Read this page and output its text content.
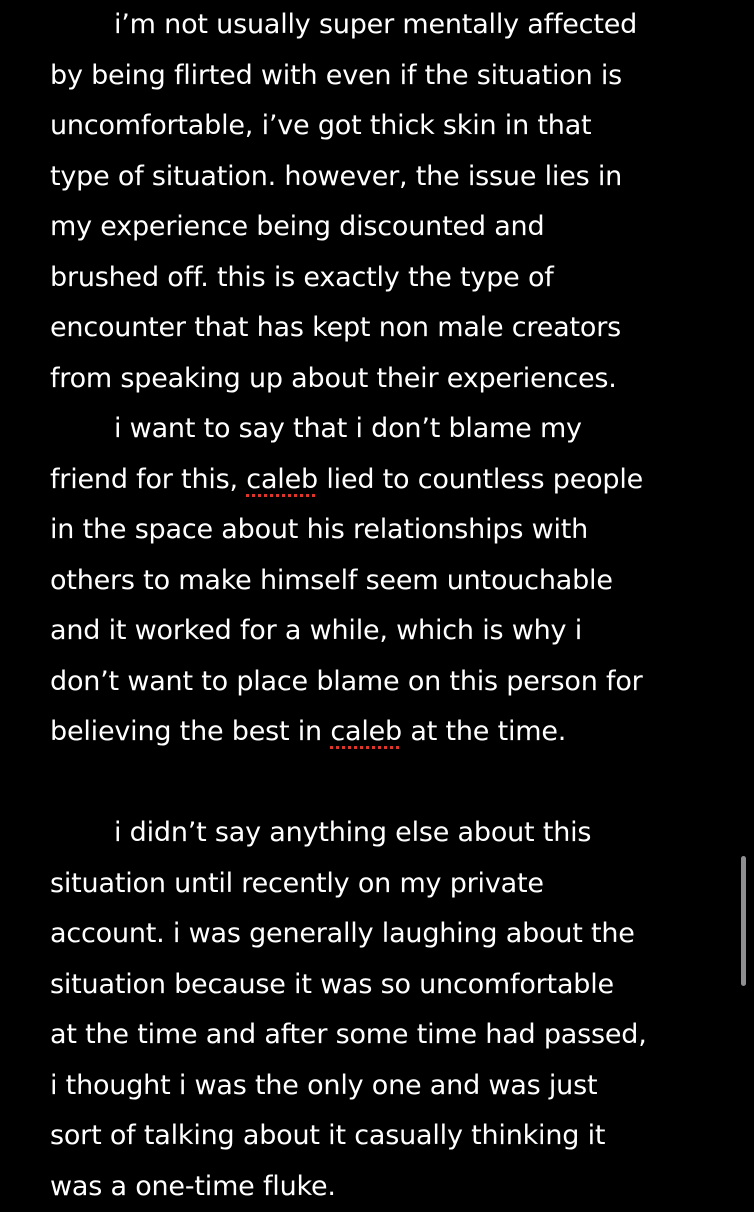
i’m not usually super mentally affected
by being flirted with even if the situation is
uncomfortable, i’ve got thick skin in that
type of situation. however, the issue lies in
my experience being discounted and
brushed off. this is exactly the type of
encounter that has kept non male creators
from speaking up about their experiences.
i want to say that i don’t blame my
friend for this, caleb lied to countless people
in the space about his relationships with
others to make himself seem untouchable
and it worked for a while, which is why i
don’t want to place blame on this person for
believing the best in caleb at the time.
i didn’t say anything else about this
situation until recently on my private
account. i was generally laughing about the
situation because it was so uncomfortable
at the time and after some time had passed,
i thought i was the only one and was just
sort of talking about it casually thinking it
was a one-time fluke.
